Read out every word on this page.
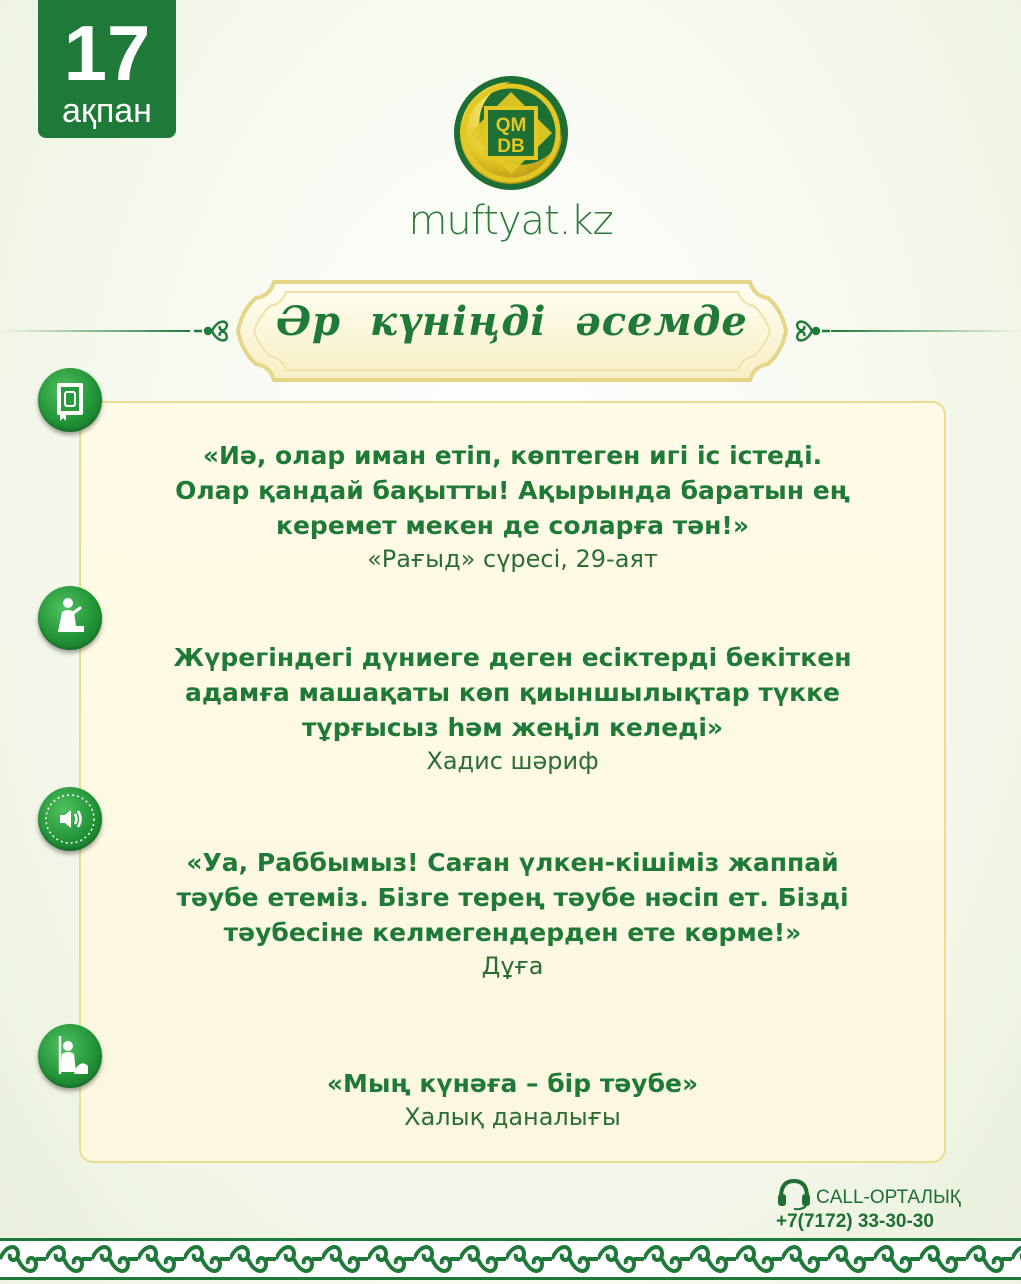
17
ақпан	QM
DB
muftyat.kz
Әр күніңді әсемде

«Иә, олар иман етіп, көптеген игі іс істеді.
Олар қандай бақытты! Ақырында баратын ең
керемет мекен де соларға тән!»

«Рағыд» сүресі, 29-аят

Жүрегіндегі дүниеге деген есіктерді бекіткен
адамға машақаты көп қиыншылықтар түкке
тұрғысыз һәм жеңіл келеді»

Хадис шәриф

«Уа, Раббымыз! Саған үлкен-кішіміз жаппай
тәубе етеміз. Бізге терең тәубе нәсіп ет. Бізді
тәубесіне келмегендерден ете көрме!»

Дұға

«Мың күнәға – бір тәубе»

Халық даналығы

CALL-ОРТАЛЫҚ
+7(7172) 33-30-30
